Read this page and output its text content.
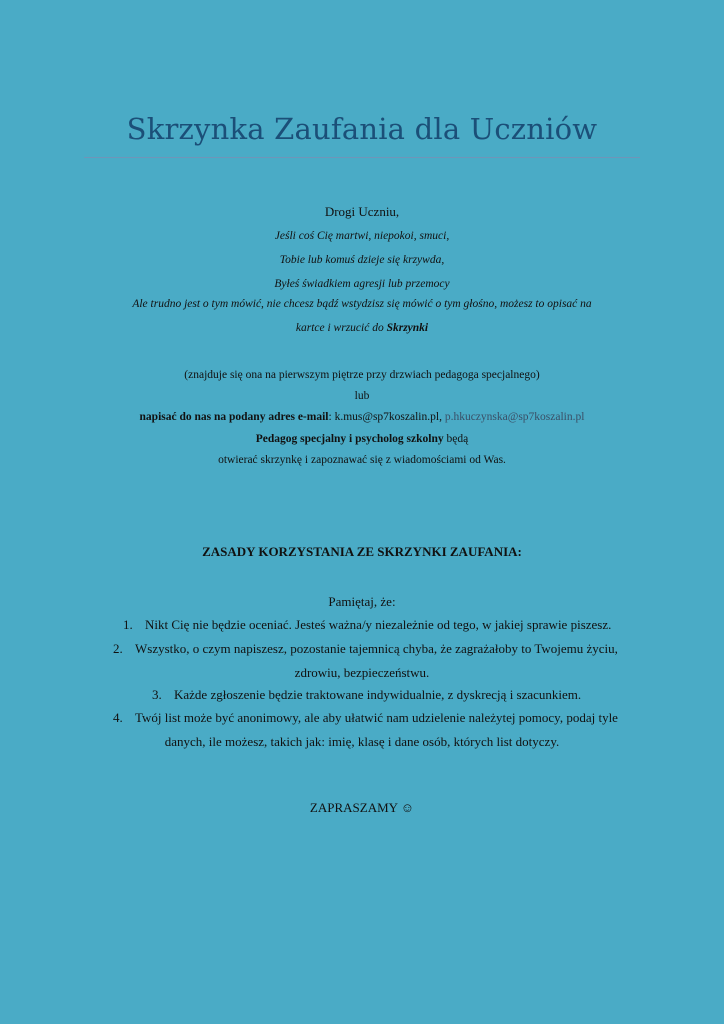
Skrzynka Zaufania dla Uczniów
Drogi Uczniu,
Jeśli coś Cię martwi, niepokoi, smuci,
Tobie lub komuś dzieje się krzywda,
Byłeś świadkiem agresji lub przemocy
Ale trudno jest o tym mówić, nie chcesz bądź wstydzisz się mówić o tym głośno, możesz to opisać na
kartce i wrzucić do Skrzynki
(znajduje się ona na pierwszym piętrze przy drzwiach pedagoga specjalnego)
lub
napisać do nas na podany adres e-mail: k.mus@sp7koszalin.pl, p.hkuczynska@sp7koszalin.pl
Pedagog specjalny i psycholog szkolny będą
otwierać skrzynkę i zapoznawać się z wiadomościami od Was.
ZASADY KORZYSTANIA ZE SKRZYNKI ZAUFANIA:
Pamiętaj, że:
1. Nikt Cię nie będzie oceniać. Jesteś ważna/y niezależnie od tego, w jakiej sprawie piszesz.
2. Wszystko, o czym napiszesz, pozostanie tajemnicą chyba, że zagrażałoby to Twojemu życiu,
zdrowiu, bezpieczeństwu.
3. Każde zgłoszenie będzie traktowane indywidualnie, z dyskrecją i szacunkiem.
4. Twój list może być anonimowy, ale aby ułatwić nam udzielenie należytej pomocy, podaj tyle
danych, ile możesz, takich jak: imię, klasę i dane osób, których list dotyczy.
ZAPRASZAMY ☺
